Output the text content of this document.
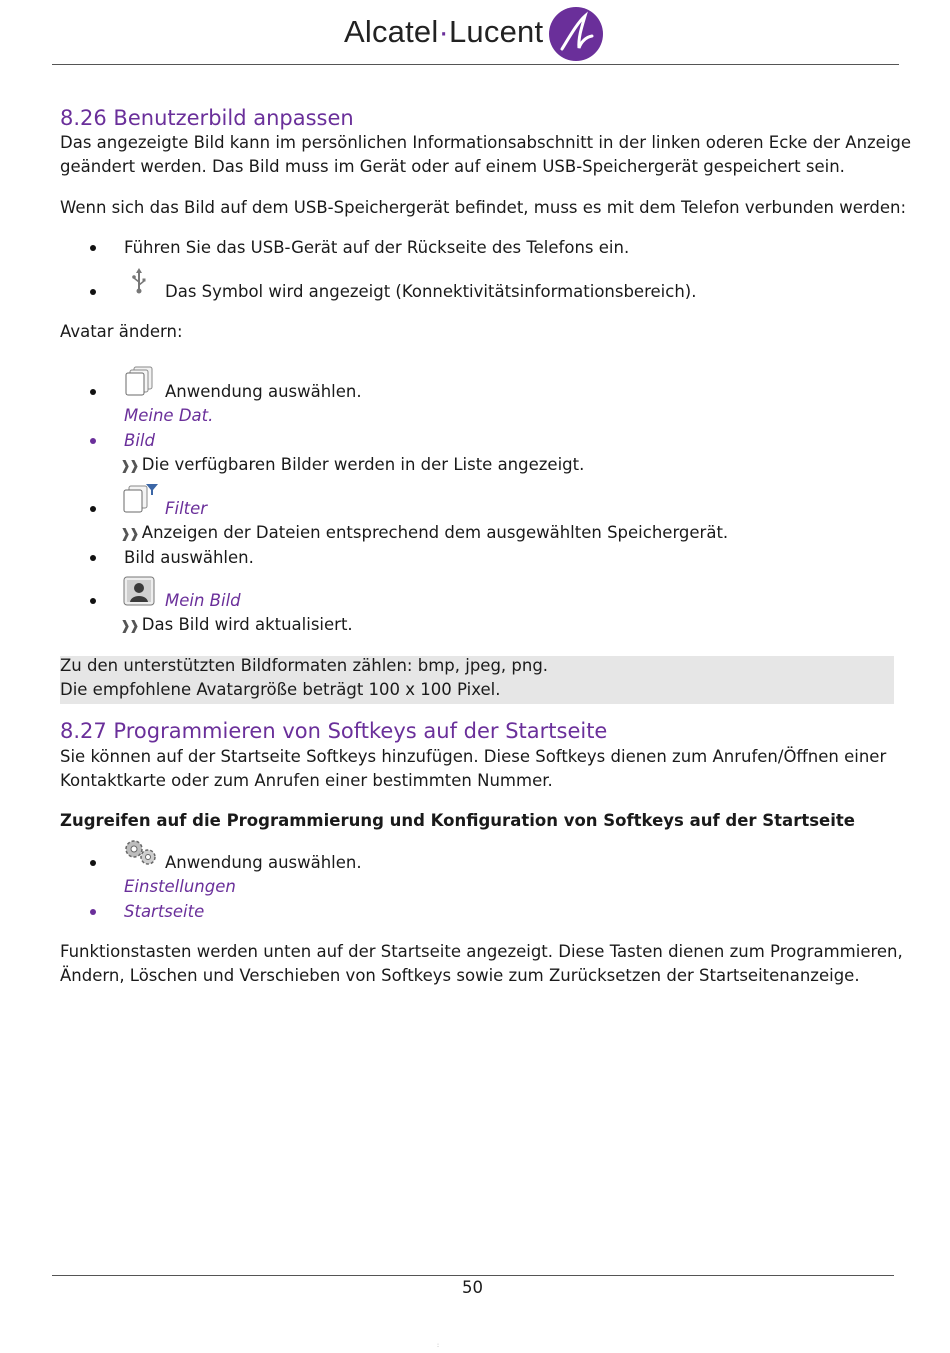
Alcatel·Lucent
8.26 Benutzerbild anpassen
Das angezeigte Bild kann im persönlichen Informationsabschnitt in der linken oderen Ecke der Anzeige
geändert werden. Das Bild muss im Gerät oder auf einem USB-Speichergerät gespeichert sein.
Wenn sich das Bild auf dem USB-Speichergerät befindet, muss es mit dem Telefon verbunden werden:
Führen Sie das USB-Gerät auf der Rückseite des Telefons ein.
Das Symbol wird angezeigt (Konnektivitätsinformationsbereich).
Avatar ändern:
Anwendung auswählen.
Meine Dat.
Bild
❱❱ Die verfügbaren Bilder werden in der Liste angezeigt.
Filter
❱❱ Anzeigen der Dateien entsprechend dem ausgewählten Speichergerät.
Bild auswählen.
Mein Bild
❱❱ Das Bild wird aktualisiert.
Zu den unterstützten Bildformaten zählen: bmp, jpeg, png.
Die empfohlene Avatargröße beträgt 100 x 100 Pixel.
8.27 Programmieren von Softkeys auf der Startseite
Sie können auf der Startseite Softkeys hinzufügen. Diese Softkeys dienen zum Anrufen/Öffnen einer
Kontaktkarte oder zum Anrufen einer bestimmten Nummer.
Zugreifen auf die Programmierung und Konfiguration von Softkeys auf der Startseite
Anwendung auswählen.
Einstellungen
Startseite
Funktionstasten werden unten auf der Startseite angezeigt. Diese Tasten dienen zum Programmieren,
Ändern, Löschen und Verschieben von Softkeys sowie zum Zurücksetzen der Startseitenanzeige.
50
:
